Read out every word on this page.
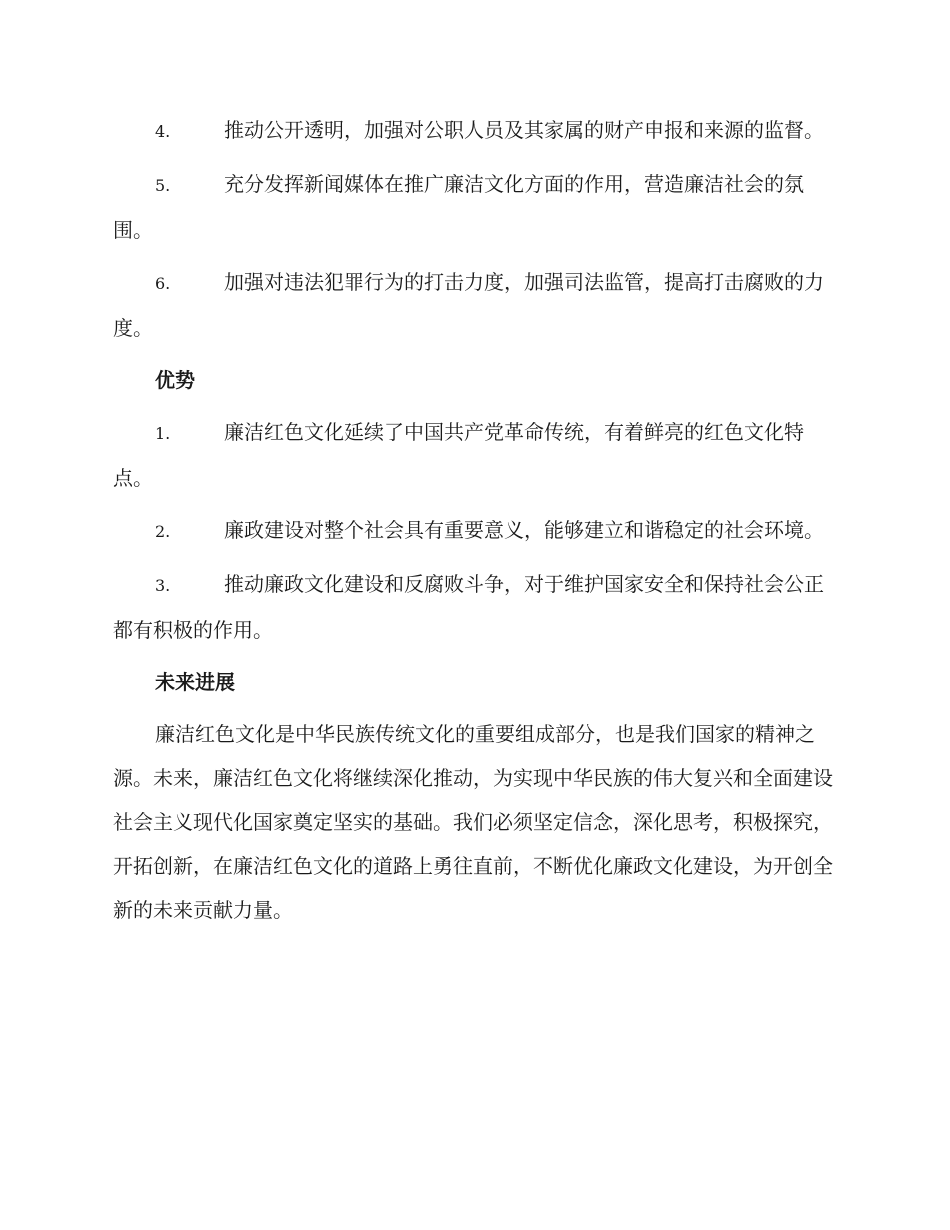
4.	推动公开透明，加强对公职人员及其家属的财产申报和来源的监督。

5.	充分发挥新闻媒体在推广廉洁文化方面的作用，营造廉洁社会的氛围。

6.	加强对违法犯罪行为的打击力度，加强司法监管，提高打击腐败的力度。

优势

1.	廉洁红色文化延续了中国共产党革命传统，有着鲜亮的红色文化特点。

2.	廉政建设对整个社会具有重要意义，能够建立和谐稳定的社会环境。

3.	推动廉政文化建设和反腐败斗争，对于维护国家安全和保持社会公正都有积极的作用。

未来进展

廉洁红色文化是中华民族传统文化的重要组成部分，也是我们国家的精神之源。未来，廉洁红色文化将继续深化推动，为实现中华民族的伟大复兴和全面建设社会主义现代化国家奠定坚实的基础。我们必须坚定信念，深化思考，积极探究，开拓创新，在廉洁红色文化的道路上勇往直前，不断优化廉政文化建设，为开创全新的未来贡献力量。
